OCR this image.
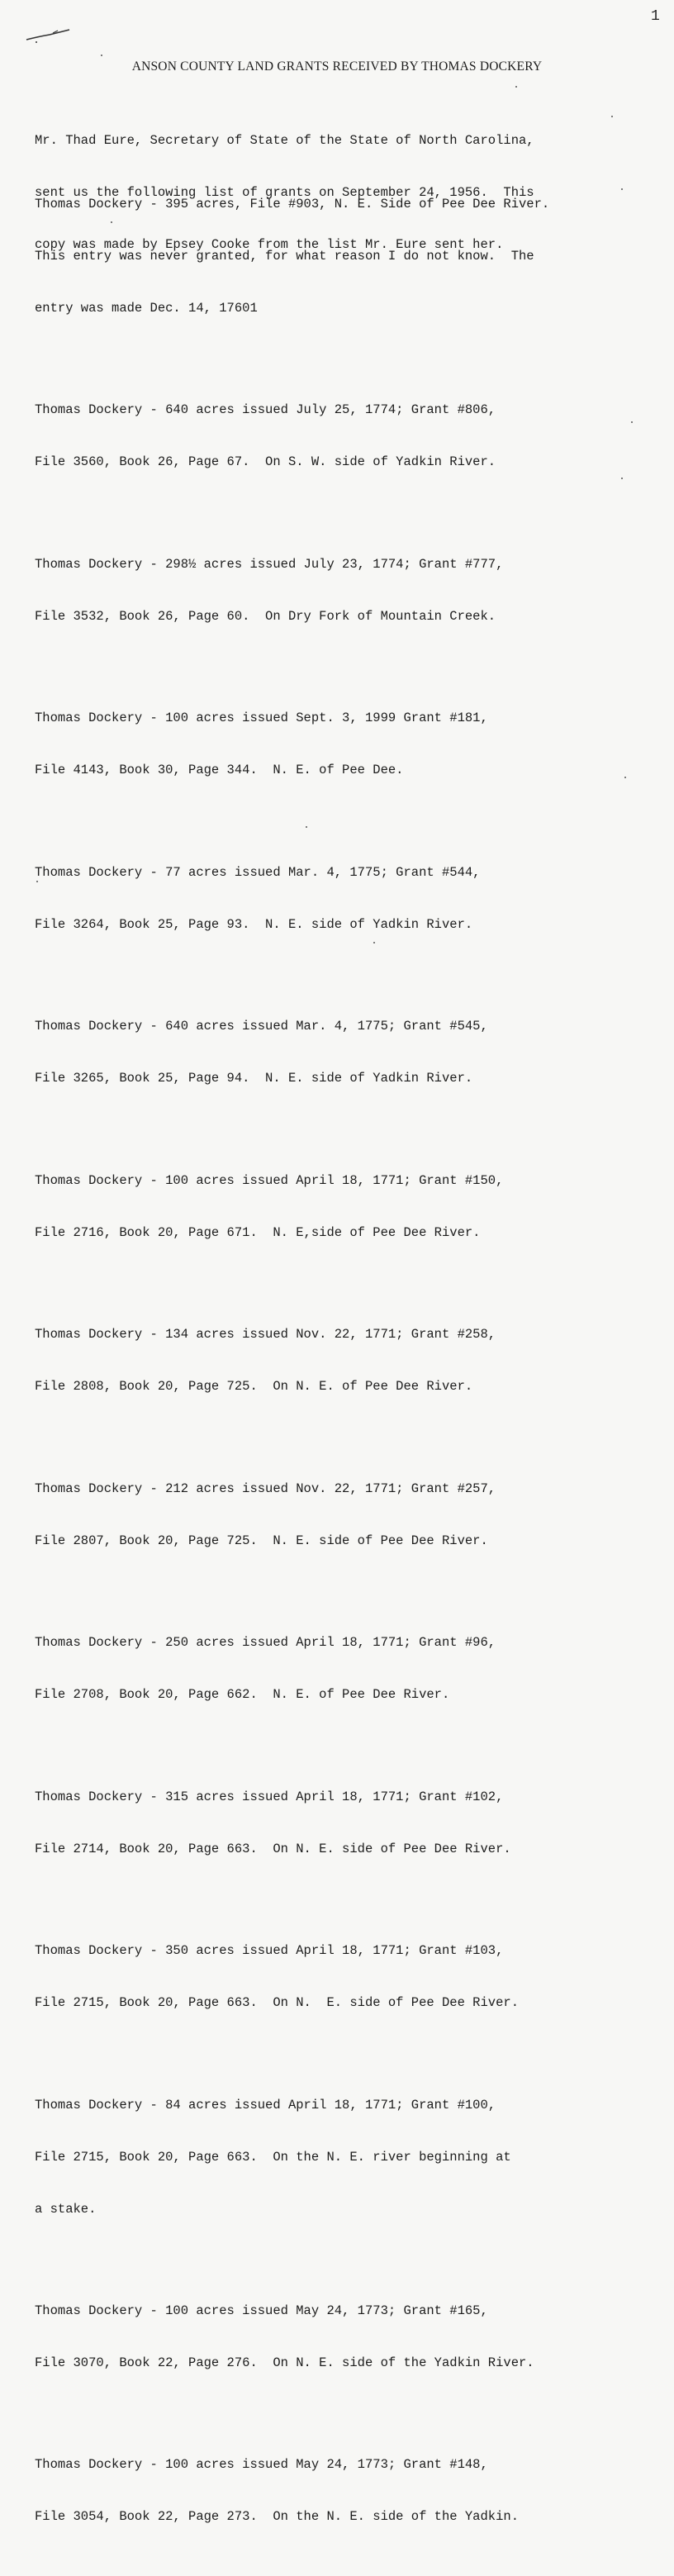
1
ANSON COUNTY LAND GRANTS RECEIVED BY THOMAS DOCKERY

Mr. Thad Eure, Secretary of State of the State of North Carolina,

sent us the following list of grants on September 24, 1956.  This

copy was made by Epsey Cooke from the list Mr. Eure sent her.

Thomas Dockery - 395 acres, File #903, N. E. Side of Pee Dee River.

This entry was never granted, for what reason I do not know.  The

entry was made Dec. 14, 17601

Thomas Dockery - 640 acres issued July 25, 1774; Grant #806,

File 3560, Book 26, Page 67.  On S. W. side of Yadkin River.

Thomas Dockery - 298½ acres issued July 23, 1774; Grant #777,

File 3532, Book 26, Page 60.  On Dry Fork of Mountain Creek.

Thomas Dockery - 100 acres issued Sept. 3, 1999 Grant #181,

File 4143, Book 30, Page 344.  N. E. of Pee Dee.

Thomas Dockery - 77 acres issued Mar. 4, 1775; Grant #544,

File 3264, Book 25, Page 93.  N. E. side of Yadkin River.

Thomas Dockery - 640 acres issued Mar. 4, 1775; Grant #545,

File 3265, Book 25, Page 94.  N. E. side of Yadkin River.

Thomas Dockery - 100 acres issued April 18, 1771; Grant #150,

File 2716, Book 20, Page 671.  N. E,side of Pee Dee River.

Thomas Dockery - 134 acres issued Nov. 22, 1771; Grant #258,

File 2808, Book 20, Page 725.  On N. E. of Pee Dee River.

Thomas Dockery - 212 acres issued Nov. 22, 1771; Grant #257,

File 2807, Book 20, Page 725.  N. E. side of Pee Dee River.

Thomas Dockery - 250 acres issued April 18, 1771; Grant #96,

File 2708, Book 20, Page 662.  N. E. of Pee Dee River.

Thomas Dockery - 315 acres issued April 18, 1771; Grant #102,

File 2714, Book 20, Page 663.  On N. E. side of Pee Dee River.

Thomas Dockery - 350 acres issued April 18, 1771; Grant #103,

File 2715, Book 20, Page 663.  On N.  E. side of Pee Dee River.

Thomas Dockery - 84 acres issued April 18, 1771; Grant #100,

File 2715, Book 20, Page 663.  On the N. E. river beginning at

a stake.

Thomas Dockery - 100 acres issued May 24, 1773; Grant #165,

File 3070, Book 22, Page 276.  On N. E. side of the Yadkin River.

Thomas Dockery - 100 acres issued May 24, 1773; Grant #148,

File 3054, Book 22, Page 273.  On the N. E. side of the Yadkin.
